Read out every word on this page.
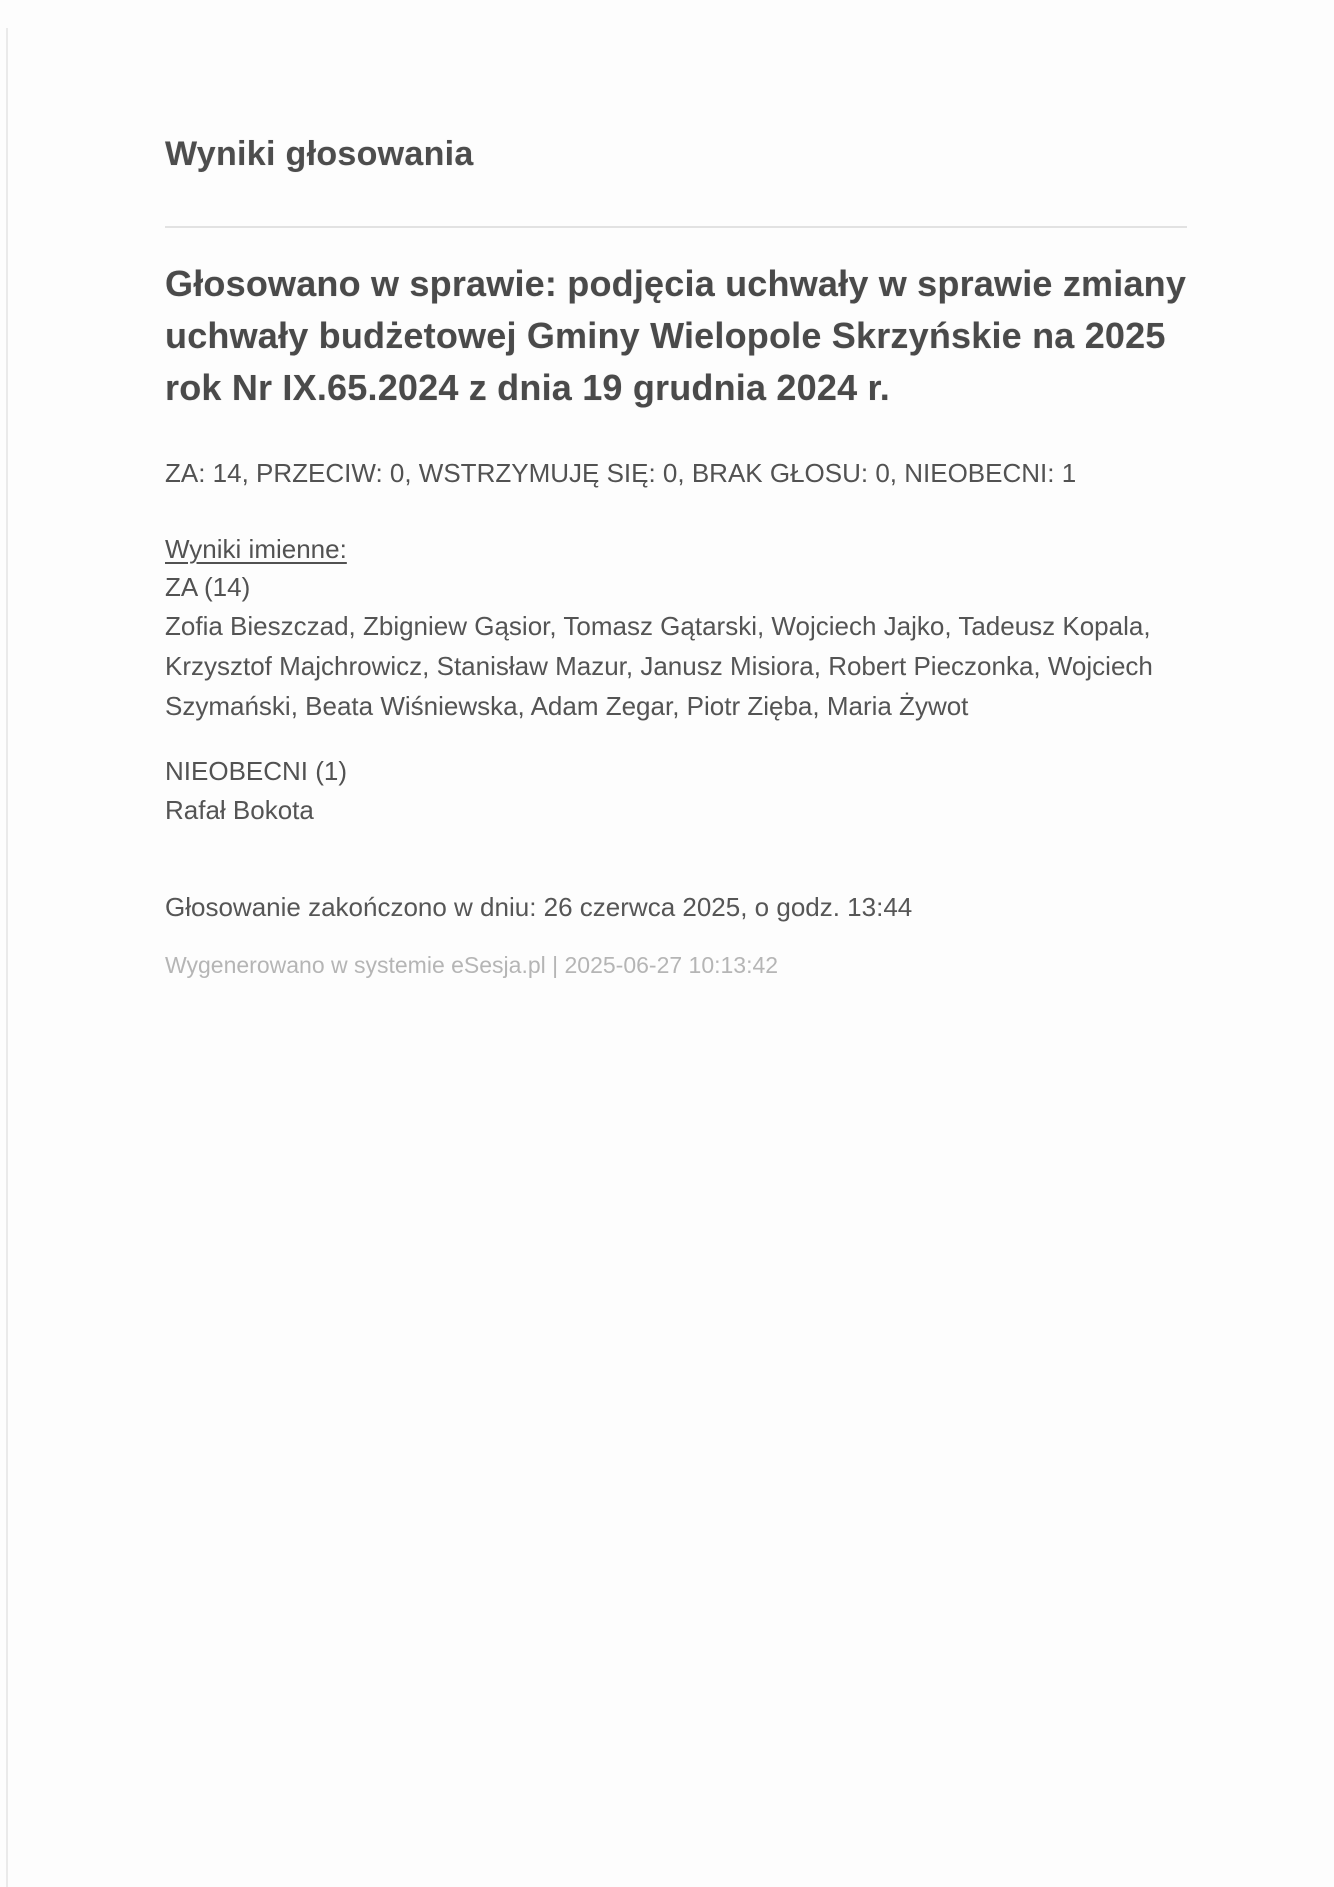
Wyniki głosowania
Głosowano w sprawie: podjęcia uchwały w sprawie zmiany uchwały budżetowej Gminy Wielopole Skrzyńskie na 2025 rok Nr IX.65.2024 z dnia 19 grudnia 2024 r.

ZA: 14, PRZECIW: 0, WSTRZYMUJĘ SIĘ: 0, BRAK GŁOSU: 0, NIEOBECNI: 1

Wyniki imienne:

ZA (14)

Zofia Bieszczad, Zbigniew Gąsior, Tomasz Gątarski, Wojciech Jajko, Tadeusz Kopala, Krzysztof Majchrowicz, Stanisław Mazur, Janusz Misiora, Robert Pieczonka, Wojciech Szymański, Beata Wiśniewska, Adam Zegar, Piotr Zięba, Maria Żywot

NIEOBECNI (1)

Rafał Bokota

Głosowanie zakończono w dniu: 26 czerwca 2025, o godz. 13:44

Wygenerowano w systemie eSesja.pl | 2025-06-27 10:13:42
